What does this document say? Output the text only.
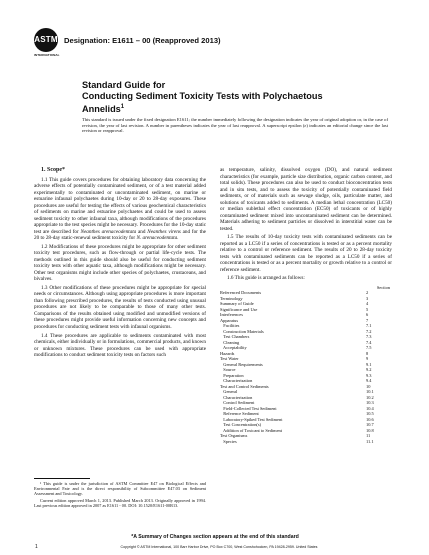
ASTM
INTERNATIONAL
Designation: E1611 – 00 (Reapproved 2013)
Standard Guide for
Conducting Sediment Toxicity Tests with Polychaetous
Annelids$^1$
This standard is issued under the fixed designation E1611; the number immediately following the designation indicates the year of original adoption or, in the case of revision, the year of last revision. A number in parentheses indicates the year of last reapproval. A superscript epsilon (ε) indicates an editorial change since the last revision or reapproval.
1. Scope*

1.1 This guide covers procedures for obtaining laboratory data concerning the adverse effects of potentially contaminated sediment, or of a test material added experimentally to contaminated or uncontaminated sediment, on marine or estuarine infaunal polychaetes during 10-day or 20 to 28-day exposures. These procedures are useful for testing the effects of various geochemical characteristics of sediments on marine and estuarine polychaetes and could be used to assess sediment toxicity to other infaunal taxa, although modifications of the procedures appropriate to the test species might be necessary. Procedures for the 10-day static test are described for Neanthes arenaceodentata and Neanthes virens and for the 20 to 28-day static-renewal sediment toxicity for N. arenaceodentata.

1.2 Modifications of these procedures might be appropriate for other sediment toxicity test procedures, such as flow-through or partial life-cycle tests. The methods outlined in this guide should also be useful for conducting sediment toxicity tests with other aquatic taxa, although modifications might be necessary. Other test organisms might include other species of polychaetes, crustaceans, and bivalves.

1.3 Other modifications of these procedures might be appropriate for special needs or circumstances. Although using appropriate procedures is more important than following prescribed procedures, the results of tests conducted using unusual procedures are not likely to be comparable to those of many other tests. Comparisons of the results obtained using modified and unmodified versions of these procedures might provide useful information concerning new concepts and procedures for conducting sediment tests with infaunal organisms.

1.4 These procedures are applicable to sediments contaminated with most chemicals, either individually or in formulations, commercial products, and known or unknown mixtures. These procedures can be used with appropriate modifications to conduct sediment toxicity tests on factors such

¹ This guide is under the jurisdiction of ASTM Committee E47 on Biological Effects and Environmental Fate and is the direct responsibility of Subcommittee E47.03 on Sediment Assessment and Toxicology.

Current edition approved March 1, 2013. Published March 2013. Originally approved in 1994. Last previous edition approved in 2007 as E1611 - 00. DOI: 10.1520/E1611-00R13.

as temperature, salinity, dissolved oxygen (DO), and natural sediment characteristics (for example, particle size distribution, organic carbon content, and total solids). These procedures can also be used to conduct bioconcentration tests and in situ tests, and to assess the toxicity of potentially contaminated field sediments, or of materials such as sewage sludge, oils, particulate matter, and solutions of toxicants added to sediments. A median lethal concentration (LC50) or median sublethal effect concentration (EC50) of toxicants or of highly contaminated sediment mixed into uncontaminated sediment can be determined. Materials adhering to sediment particles or dissolved in interstitial water can be tested.

1.5 The results of 10-day toxicity tests with contaminated sediments can be reported as a LC50 if a series of concentrations is tested or as a percent mortality relative to a control or reference sediment. The results of 20 to 28-day toxicity tests with contaminated sediments can be reported as a LC50 if a series of concentrations is tested or as a percent mortality or growth relative to a control or reference sediment.

1.6 This guide is arranged as follows:

Section
Referenced Documents	2
Terminology	3
Summary of Guide	4
Significance and Use	5
Interferences	6
Apparatus	7
Facilities	7.1
Construction Materials	7.2
Test Chambers	7.3
Cleaning	7.4
Acceptability	7.5
Hazards	8
Test Water	9
General Requirements	9.1
Source	9.2
Preparation	9.3
Characterization	9.4
Test and Control Sediments	10
General	10.1
Characterization	10.2
Control Sediment	10.3
Field-Collected Test Sediment	10.4
Reference Sediment	10.5
Laboratory-Spiked Test Sediment	10.6
Test Concentration(s)	10.7
Addition of Toxicant to Sediment	10.8
Test Organisms	11
Species	11.1
*A Summary of Changes section appears at the end of this standard
1	Copyright © ASTM International, 100 Barr Harbor Drive, PO Box C700, West Conshohocken, PA 19428-2959. United States
